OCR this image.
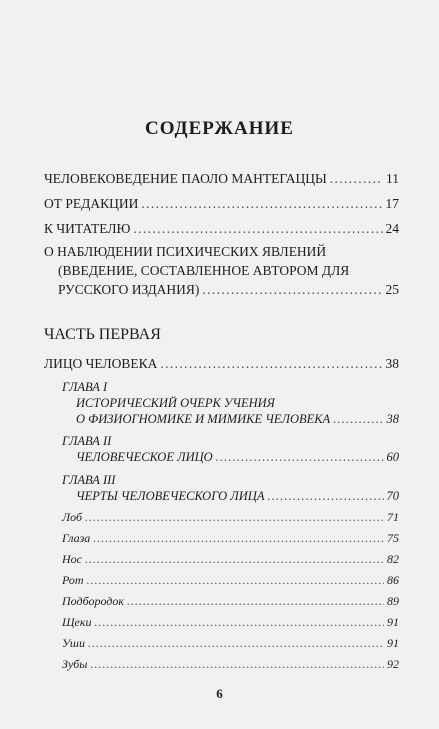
СОДЕРЖАНИЕ
ЧЕЛОВЕКОВЕДЕНИЕ ПАОЛО МАНТЕГАЦЦЫ . . .	11
ОТ РЕДАКЦИИ . . .	17
К ЧИТАТЕЛЮ . . .	24
О НАБЛЮДЕНИИ ПСИХИЧЕСКИХ ЯВЛЕНИЙ
(ВВЕДЕНИЕ, СОСТАВЛЕННОЕ АВТОРОМ ДЛЯ
РУССКОГО ИЗДАНИЯ) . . .	25
ЧАСТЬ ПЕРВАЯ
ЛИЦО ЧЕЛОВЕКА . . .	38
ГЛАВА I
ИСТОРИЧЕСКИЙ ОЧЕРК УЧЕНИЯ
О ФИЗИОГНОМИКЕ И МИМИКЕ ЧЕЛОВЕКА . . .	38
ГЛАВА II
ЧЕЛОВЕЧЕСКОЕ ЛИЦО . . .	60
ГЛАВА III
ЧЕРТЫ ЧЕЛОВЕЧЕСКОГО ЛИЦА . . .	70
Лоб . . .	71
Глаза . . .	75
Нос . . .	82
Рот . . .	86
Подбородок . . .	89
Щеки . . .	91
Уши . . .	91
Зубы . . .	92
6
